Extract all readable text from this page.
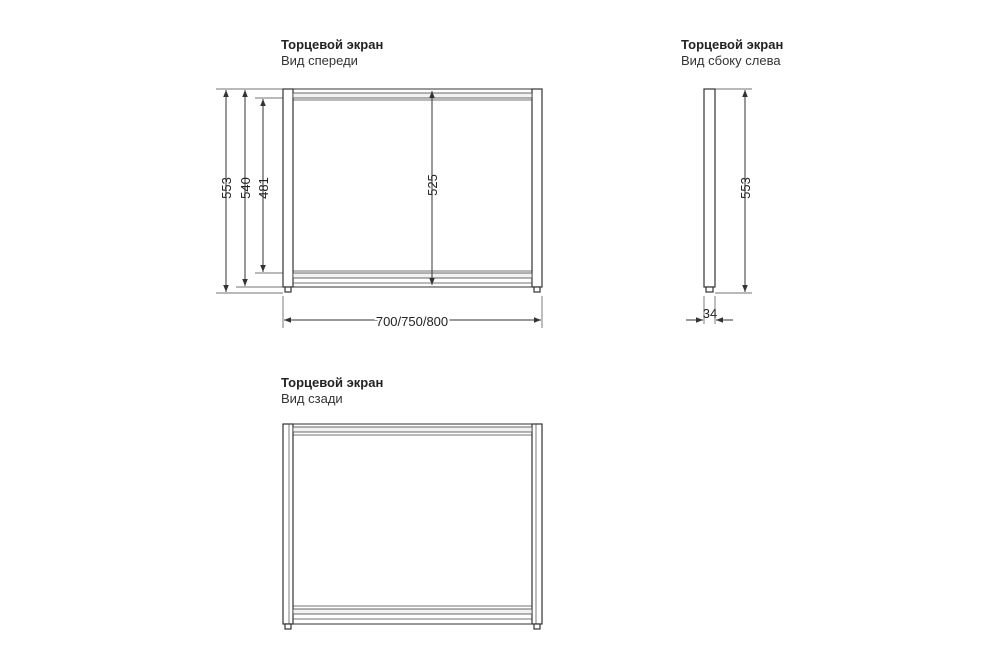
Торцевой экран
Вид спереди
Торцевой экран
Вид сбоку слева
Торцевой экран
Вид сзади
553 540 481	525
700/750/800
553
34
